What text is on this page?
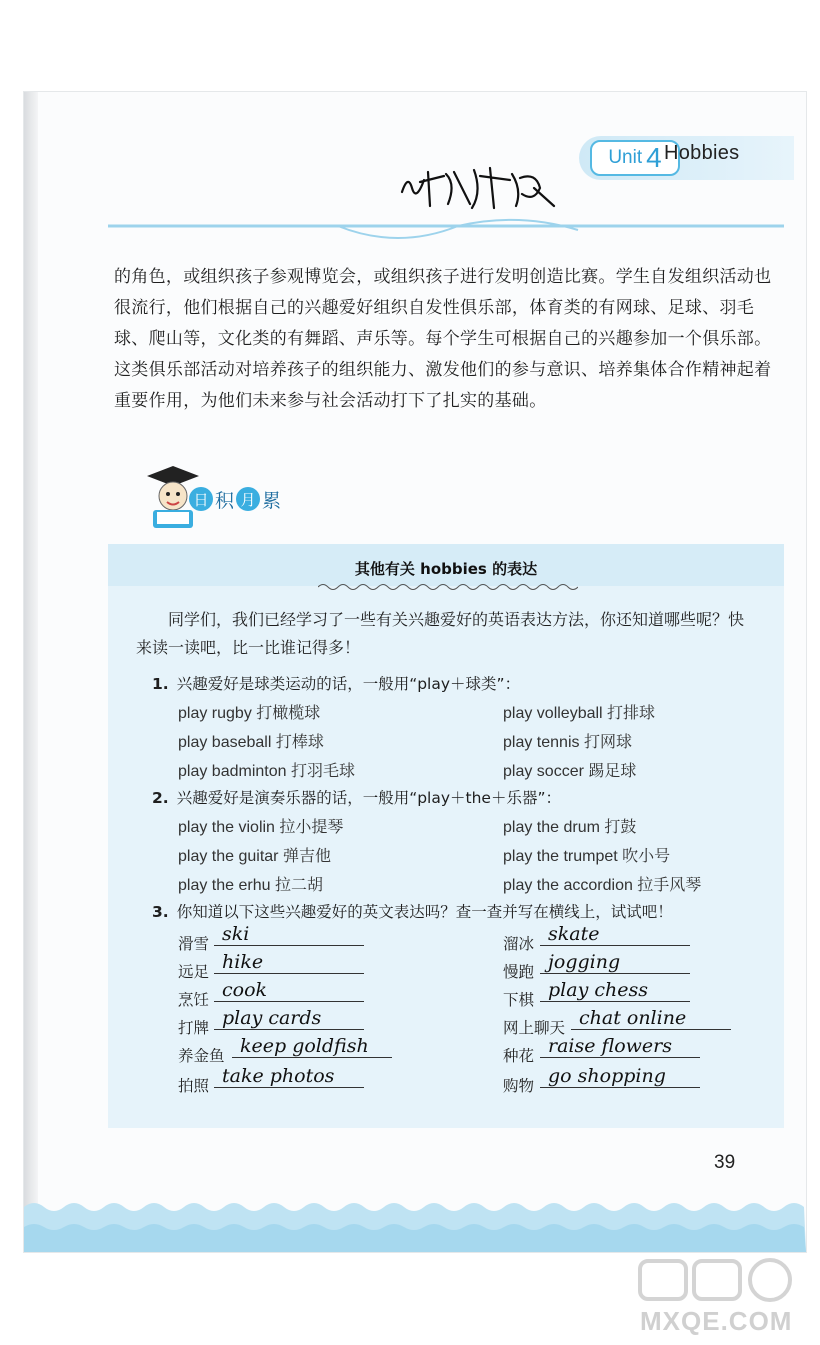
Unit 4 Hobbies
的角色，或组织孩子参观博览会，或组织孩子进行发明创造比赛。学生自发组织活动也很流行，他们根据自己的兴趣爱好组织自发性俱乐部，体育类的有网球、足球、羽毛球、爬山等，文化类的有舞蹈、声乐等。每个学生可根据自己的兴趣参加一个俱乐部。这类俱乐部活动对培养孩子的组织能力、激发他们的参与意识、培养集体合作精神起着重要作用，为他们未来参与社会活动打下了扎实的基础。
日 积 月 累
其他有关 hobbies 的表达
同学们，我们已经学习了一些有关兴趣爱好的英语表达方法，你还知道哪些呢？快来读一读吧，比一比谁记得多！
1. 兴趣爱好是球类运动的话，一般用“play＋球类”：
play rugby 打橄榄球	play volleyball 打排球
play baseball 打棒球	play tennis 打网球
play badminton 打羽毛球	play soccer 踢足球
2. 兴趣爱好是演奏乐器的话，一般用“play＋the＋乐器”：
play the violin 拉小提琴	play the drum 打鼓
play the guitar 弹吉他	play the trumpet 吹小号
play the erhu 拉二胡	play the accordion 拉手风琴
3. 你知道以下这些兴趣爱好的英文表达吗？查一查并写在横线上，试试吧！
滑雪 ski	溜冰 skate
远足 hike	慢跑 jogging
烹饪 cook	下棋 play chess
打牌 play cards	网上聊天 chat online
养金鱼 keep goldfish	种花 raise flowers
拍照 take photos	购物 go shopping
39
MXQE.COM
